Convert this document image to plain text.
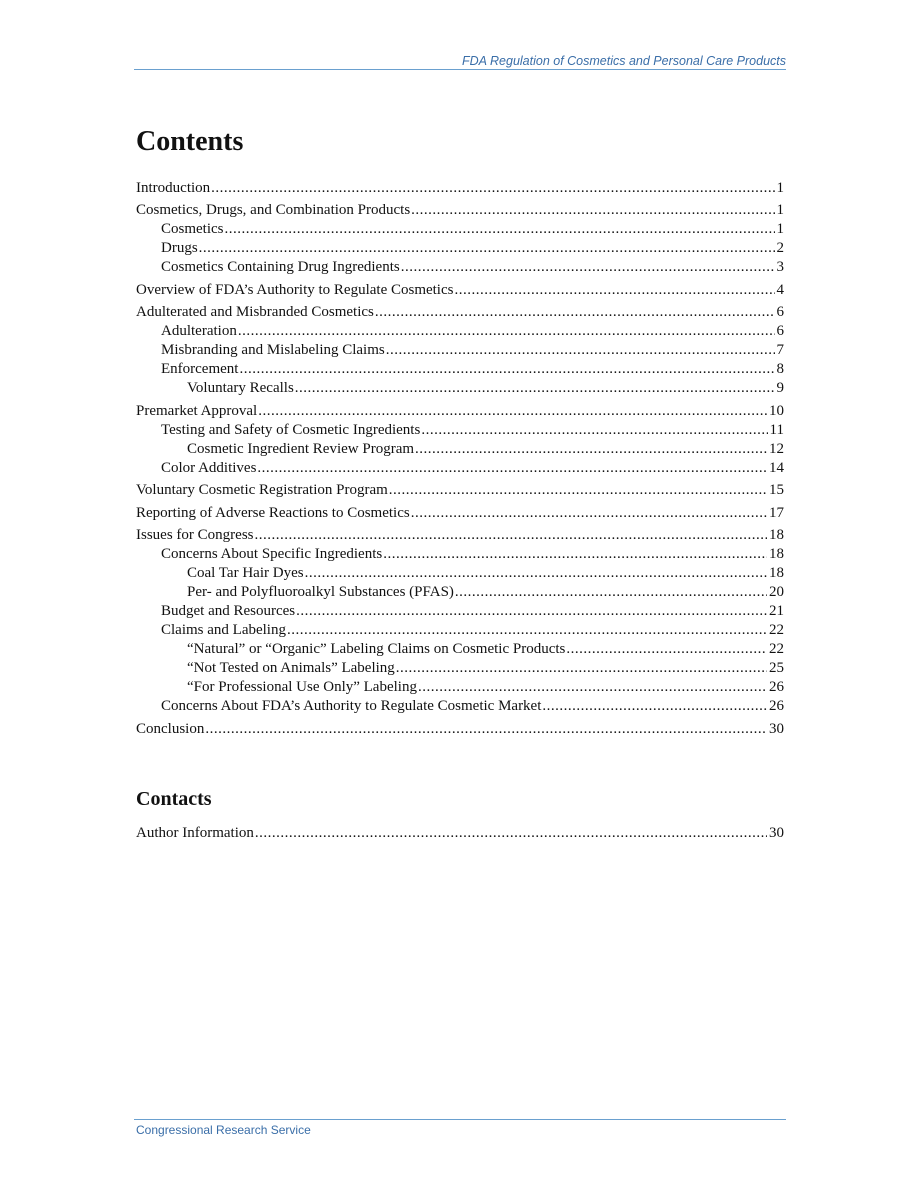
FDA Regulation of Cosmetics and Personal Care Products
Contents
Introduction .....	1
Cosmetics, Drugs, and Combination Products .....	1
Cosmetics .....	1
Drugs .....	2
Cosmetics Containing Drug Ingredients .....	3
Overview of FDA’s Authority to Regulate Cosmetics .....	4
Adulterated and Misbranded Cosmetics .....	6
Adulteration .....	6
Misbranding and Mislabeling Claims .....	7
Enforcement .....	8
Voluntary Recalls .....	9
Premarket Approval .....	10
Testing and Safety of Cosmetic Ingredients .....	11
Cosmetic Ingredient Review Program .....	12
Color Additives .....	14
Voluntary Cosmetic Registration Program .....	15
Reporting of Adverse Reactions to Cosmetics .....	17
Issues for Congress .....	18
Concerns About Specific Ingredients .....	18
Coal Tar Hair Dyes .....	18
Per- and Polyfluoroalkyl Substances (PFAS) .....	20
Budget and Resources .....	21
Claims and Labeling .....	22
“Natural” or “Organic” Labeling Claims on Cosmetic Products .....	22
“Not Tested on Animals” Labeling .....	25
“For Professional Use Only” Labeling .....	26
Concerns About FDA’s Authority to Regulate Cosmetic Market .....	26
Conclusion .....	30
Contacts
Author Information .....	30
Congressional Research Service
